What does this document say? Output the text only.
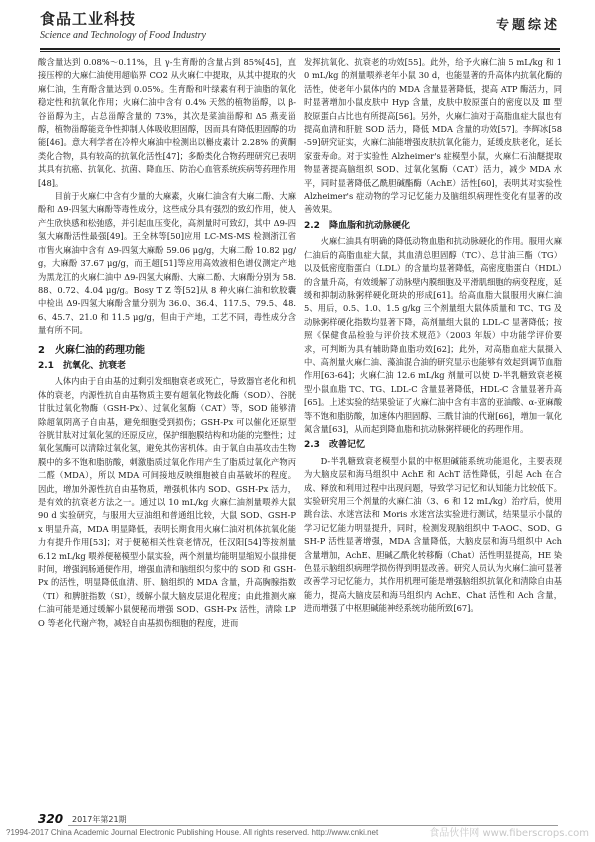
食品工业科技
Science and Technology of Food Industry
专题综述

酸含量达到 0.08%～0.11%，且 γ-生育酚的含量占到 85%[45]，直接压榨的大麻仁油使用超临界 CO2 从火麻仁中提取，从其中提取的火麻仁油，生育酚含量达到 0.05%。生育酚和叶绿素有利于油脂的氧化稳定性和抗氧化作用；火麻仁油中含有 0.4% 天然的植物甾醇，以 β-谷甾醇为主，占总甾醇含量的 73%，其次是菜油甾醇和 Δ5 燕麦甾醇，植物甾醇能竞争性抑制人体吸收胆固醇，因而具有降低胆固醇的功能[46]。意大利学者在冷榨火麻油中检测出以槲皮素计 2.28% 的黄酮类化合物，具有较高的抗氧化活性[47]；多酚类化合物药理研究已表明其具有抗癌、抗氧化、抗菌、降血压、防治心血管系统疾病等药理作用[48]。

目前于火麻仁中含有少量的大麻素，火麻仁油含有大麻二酚、大麻酚和 Δ9-四氢大麻酚等毒性成分，这些成分具有强烈的致幻作用，使人产生欣快感和松弛感，并引起血压变化，高剂量时可致幻，其中 Δ9-四氢大麻酚活性最强[49]。王全林等[50]应用 LC-MS-MS 检测浙江省市售火麻油中含有 Δ9-四氢大麻酚 59.06 μg/g，大麻二酚 10.82 μg/g，大麻酚 37.67 μg/g，而王超[51]等应用高效液相色谱仪测定产地为黑龙江的火麻仁油中 Δ9-四氢大麻酚、大麻二酚、大麻酚分别为 58.88、0.72、4.04 μg/g。Bosy T Z 等[52]从 8 种火麻仁油和软胶囊中检出 Δ9-四氢大麻酚含量分别为 36.0、36.4、117.5、79.5、48.6、45.7、21.0 和 11.5 μg/g，但由于产地，工艺不同，毒性成分含量有所不同。

2　火麻仁油的药理功能
2.1　抗氧化、抗衰老

人体内由于自由基的过剩引发细胞衰老或死亡，导致器官老化和机体的衰老，内源性抗自由基物质主要有超氧化物歧化酶（SOD）、谷胱甘肽过氧化物酶（GSH-Px）、过氧化氢酶（CAT）等，SOD 能够清除超氧阴离子自由基，避免细胞受到损伤；GSH-Px 可以催化还原型谷胱甘肽对过氧化氢的还原反应，保护细胞膜结构和功能的完整性；过氧化氢酶可以清除过氧化氢，避免其伤害机体。由于氧自由基攻击生物膜中的多不饱和脂肪酸，刺激脂质过氧化作用产生了脂质过氧化产物丙二醛（MDA），所以 MDA 可间接地反映细胞被自由基破坏的程度。因此，增加外源性抗自由基物质，增强机体内 SOD、GSH-Px 活力，是有效的抗衰老方法之一。通过以 10 mL/kg 火麻仁油剂量喂养大鼠 90 d 实验研究，与服用大豆油组和普通组比较，大鼠 SOD、GSH-Px 明显升高，MDA 明显降低，表明长期食用火麻仁油对机体抗氧化能力有提升作用[53]；对于便秘相关性衰老情况，任汉阳[54]等按剂量 6.12 mL/kg 喂养便秘模型小鼠实验，两个剂量均能明显缩短小鼠排便时间，增强润肠通便作用，增强血清和脑组织匀浆中的 SOD 和 GSH-Px 的活性，明显降低血清、肝、脑组织的 MDA 含量，升高胸腺指数（TI）和脾脏指数（SI），缓解小鼠大脑皮层退化程度；由此推测火麻仁油可能是通过缓解小鼠便秘而增强 SOD、GSH-Px 活性，清除 LPO 等老化代谢产物，减轻自由基损伤细胞的程度，进而

发挥抗氧化、抗衰老的功效[55]。此外，给予火麻仁油 5 mL/kg 和 10 mL/kg 的剂量喂养老年小鼠 30 d，也能显著的升高体内抗氧化酶的活性，使老年小鼠体内的 MDA 含量显著降低，提高 ATP 酶活力，同时显著增加小鼠皮肤中 Hyp 含量，皮肤中胶原蛋白的密度以及 Ⅲ 型胶原蛋白占比也有所提高[56]。另外，火麻仁油对于高脂血症大鼠也有提高血清和肝脏 SOD 活力，降低 MDA 含量的功效[57]。李辉冰[58-59]研究证实，火麻仁油能增强皮肤抗氧化能力，延缓皮肤老化，延长家蚕寿命。对于实验性 Alzheimer's 症模型小鼠，火麻仁石油醚提取物显著提高脑组织 SOD、过氧化氢酶（CAT）活力，减少 MDA 水平，同时显著降低乙酰胆碱酯酶（AchE）活性[60]，表明其对实验性 Alzheimer's 症动物的学习记忆能力及脑组织病理性变化有显著的改善效果。

2.2　降血脂和抗动脉硬化

火麻仁油具有明确的降低动物血脂和抗动脉硬化的作用。服用火麻仁油后的高脂血症大鼠，其血清总胆固醇（TC）、总甘油三酯（TG）以及低密度脂蛋白（LDL）的含量均显著降低，高密度脂蛋白（HDL）的含量升高，有效缓解了动脉壁内膜细胞及平滑肌细胞的病变程度，延缓和抑制动脉粥样硬化斑块的形成[61]。给高血脂大鼠服用火麻仁油 5、用后，0.5、1.0、1.5 g/kg 三个剂量组大鼠体质量和 TC、TG 及动脉粥样硬化指数均显著下降，高剂量组大鼠的 LDL-C 显著降低；按照《保健食品检验与评价技术规范》（2003 年版）中功能学评价要求，可判断为具有辅助降血脂功效[62]；此外，对高脂血症大鼠摄入中、高剂量火麻仁油、藻油混合油的研究显示也能够有效起到调节血脂作用[63-64]；火麻仁油 12.6 mL/kg 剂量可以使 D-半乳糖致衰老模型小鼠血脂 TC、TG、LDL-C 含量显著降低，HDL-C 含量显著升高[65]。上述实验的结果验证了火麻仁油中含有丰富的亚油酸、α-亚麻酸等不饱和脂肪酸，加速体内胆固醇、三酰甘油的代谢[66]，增加一氧化氮含量[63]，从而起到降血脂和抗动脉粥样硬化的药理作用。

2.3　改善记忆

D-半乳糖致衰老模型小鼠的中枢胆碱能系统功能退化，主要表现为大脑皮层和海马组织中 AchE 和 AchT 活性降低，引起 Ach 在合成、释放和利用过程中出现问题，导致学习记忆和认知能力比较低下。实验研究用三个剂量的火麻仁油（3、6 和 12 mL/kg）治疗后，使用跳台法、水迷宫法和 Moris 水迷宫法实验进行测试，结果显示小鼠的学习记忆能力明显提升，同时，检测发现脑组织中 T-AOC、SOD、GSH-P 活性显著增强，MDA 含量降低，大脑皮层和海马组织中 Ach 含量增加，AchE、胆碱乙酰化转移酶（Chat）活性明显提高，HE 染色显示脑组织病理学损伤得到明显改善。研究人员认为火麻仁油可显著改善学习记忆能力，其作用机理可能是增强脑组织抗氧化和清除自由基能力，提高大脑皮层和海马组织内 AchE、Chat 活性和 Ach 含量，进而增强了中枢胆碱能神经系统功能所致[67]。

320 2017年第21期
?1994-2017 China Academic Journal Electronic Publishing House. All rights reserved. http://www.cnki.net	食品伙伴网 www.fiberscrops.com
